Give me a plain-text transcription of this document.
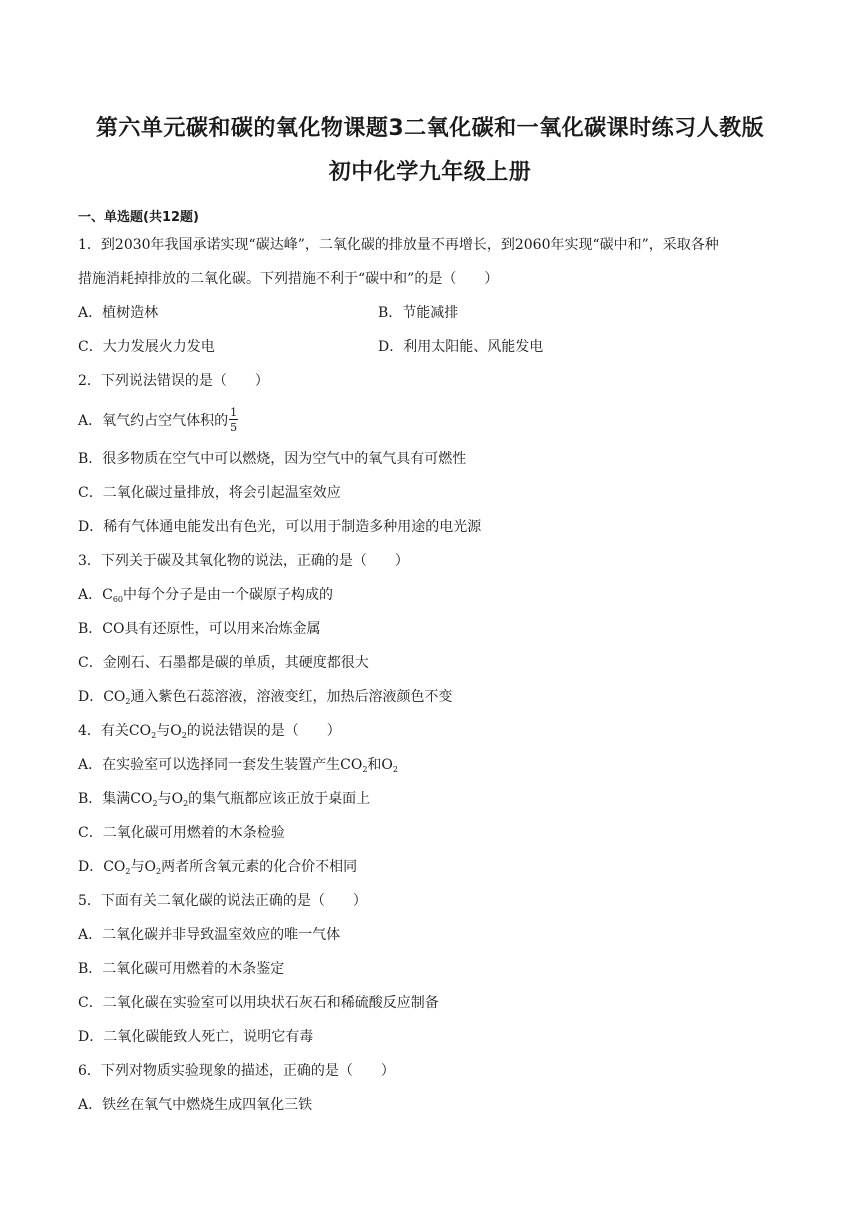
第六单元碳和碳的氧化物课题3二氧化碳和一氧化碳课时练习人教版
初中化学九年级上册
一、单选题(共12题)
1．到2030年我国承诺实现“碳达峰”，二氧化碳的排放量不再增长，到2060年实现“碳中和”，采取各种
措施消耗掉排放的二氧化碳。下列措施不利于“碳中和”的是（　　）
A．植树造林	B．节能减排
C．大力发展火力发电	D．利用太阳能、风能发电
2．下列说法错误的是（　　）
A．氧气约占空气体积的 $\frac{1}{5}$
B．很多物质在空气中可以燃烧，因为空气中的氧气具有可燃性
C．二氧化碳过量排放，将会引起温室效应
D．稀有气体通电能发出有色光，可以用于制造多种用途的电光源
3．下列关于碳及其氧化物的说法，正确的是（　　）
A．$C_{60}$中每个分子是由一个碳原子构成的
B．CO具有还原性，可以用来冶炼金属
C．金刚石、石墨都是碳的单质，其硬度都很大
D．$CO_2$通入紫色石蕊溶液，溶液变红，加热后溶液颜色不变
4．有关$CO_2$与$O_2$的说法错误的是（　　）
A．在实验室可以选择同一套发生装置产生$CO_2$和$O_2$
B．集满$CO_2$与$O_2$的集气瓶都应该正放于桌面上
C．二氧化碳可用燃着的木条检验
D．$CO_2$与$O_2$两者所含氧元素的化合价不相同
5．下面有关二氧化碳的说法正确的是（　　）
A．二氧化碳并非导致温室效应的唯一气体
B．二氧化碳可用燃着的木条鉴定
C．二氧化碳在实验室可以用块状石灰石和稀硫酸反应制备
D．二氧化碳能致人死亡，说明它有毒
6．下列对物质实验现象的描述，正确的是（　　）
A．铁丝在氧气中燃烧生成四氧化三铁
